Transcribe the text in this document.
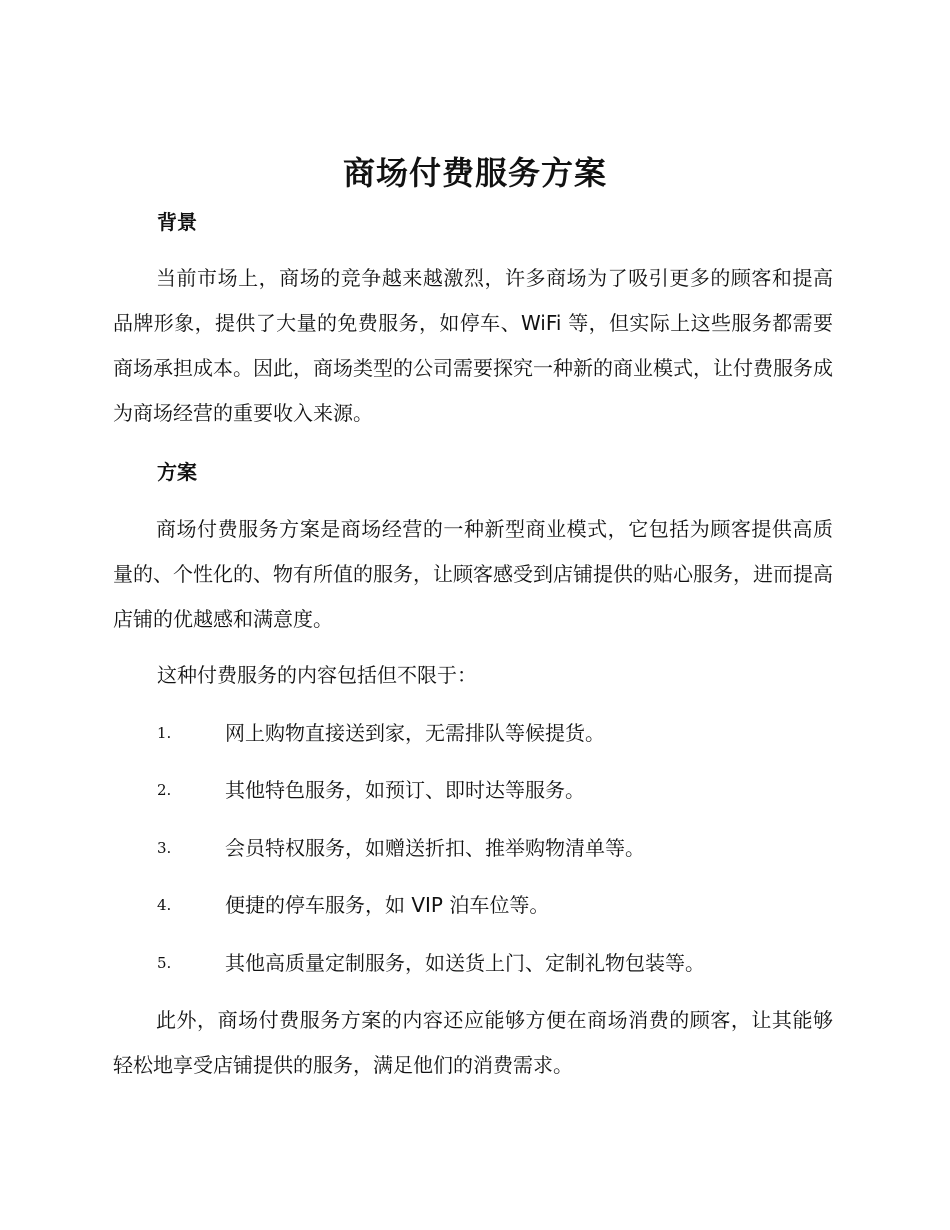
商场付费服务方案
背景

当前市场上，商场的竞争越来越激烈，许多商场为了吸引更多的顾客和提高品牌形象，提供了大量的免费服务，如停车、WiFi 等，但实际上这些服务都需要商场承担成本。因此，商场类型的公司需要探究一种新的商业模式，让付费服务成为商场经营的重要收入来源。

方案

商场付费服务方案是商场经营的一种新型商业模式，它包括为顾客提供高质量的、个性化的、物有所值的服务，让顾客感受到店铺提供的贴心服务，进而提高店铺的优越感和满意度。

这种付费服务的内容包括但不限于：
1.	网上购物直接送到家，无需排队等候提货。
2.	其他特色服务，如预订、即时达等服务。
3.	会员特权服务，如赠送折扣、推举购物清单等。
4.	便捷的停车服务，如 VIP 泊车位等。
5.	其他高质量定制服务，如送货上门、定制礼物包装等。

此外，商场付费服务方案的内容还应能够方便在商场消费的顾客，让其能够轻松地享受店铺提供的服务，满足他们的消费需求。
